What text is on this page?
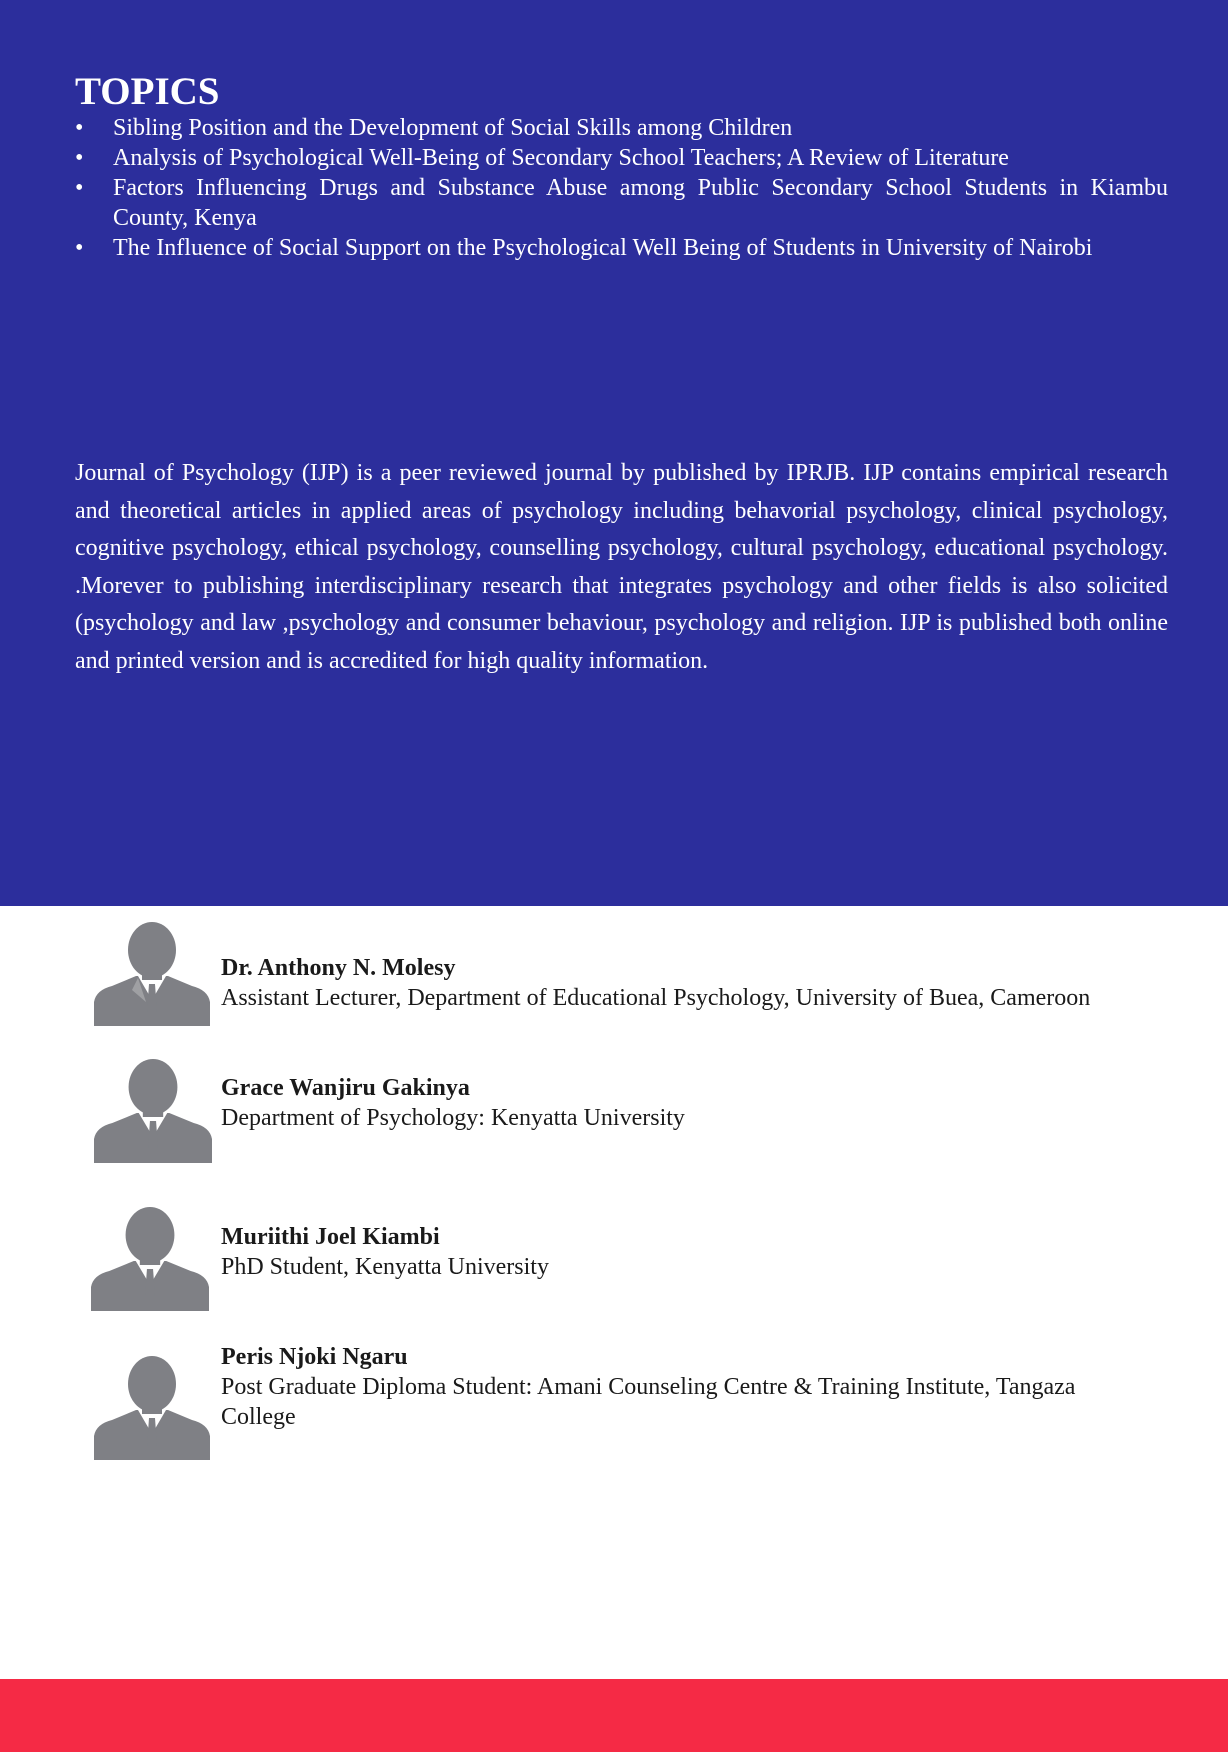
TOPICS
•	Sibling Position and the Development of Social Skills among Children
•	Analysis of Psychological Well-Being of Secondary School Teachers; A Review of Literature
•	Factors Influencing Drugs and Substance Abuse among Public Secondary School Students in Kiambu County, Kenya
•	The Influence of Social Support on the Psychological Well Being of Students in University of Nairobi

Journal of Psychology (IJP) is a peer reviewed journal by published by IPRJB. IJP contains empirical research and theoretical articles in applied areas of psychology including behavorial psychology, clinical psychology, cognitive psychology, ethical psychology, counselling psychology, cultural psychology, educational psychology. .Morever to publishing interdisciplinary research that integrates psychology and other fields is also solicited (psychology and law ,psychology and consumer behaviour, psychology and religion. IJP is published both online and printed version and is accredited for high quality information.

Dr. Anthony N. Molesy

Assistant Lecturer, Department of Educational Psychology, University of Buea, Cameroon

Grace Wanjiru Gakinya

Department of Psychology: Kenyatta University

Muriithi Joel Kiambi

PhD Student, Kenyatta University

Peris Njoki Ngaru

Post Graduate Diploma Student: Amani Counseling Centre & Training Institute, Tangaza College
